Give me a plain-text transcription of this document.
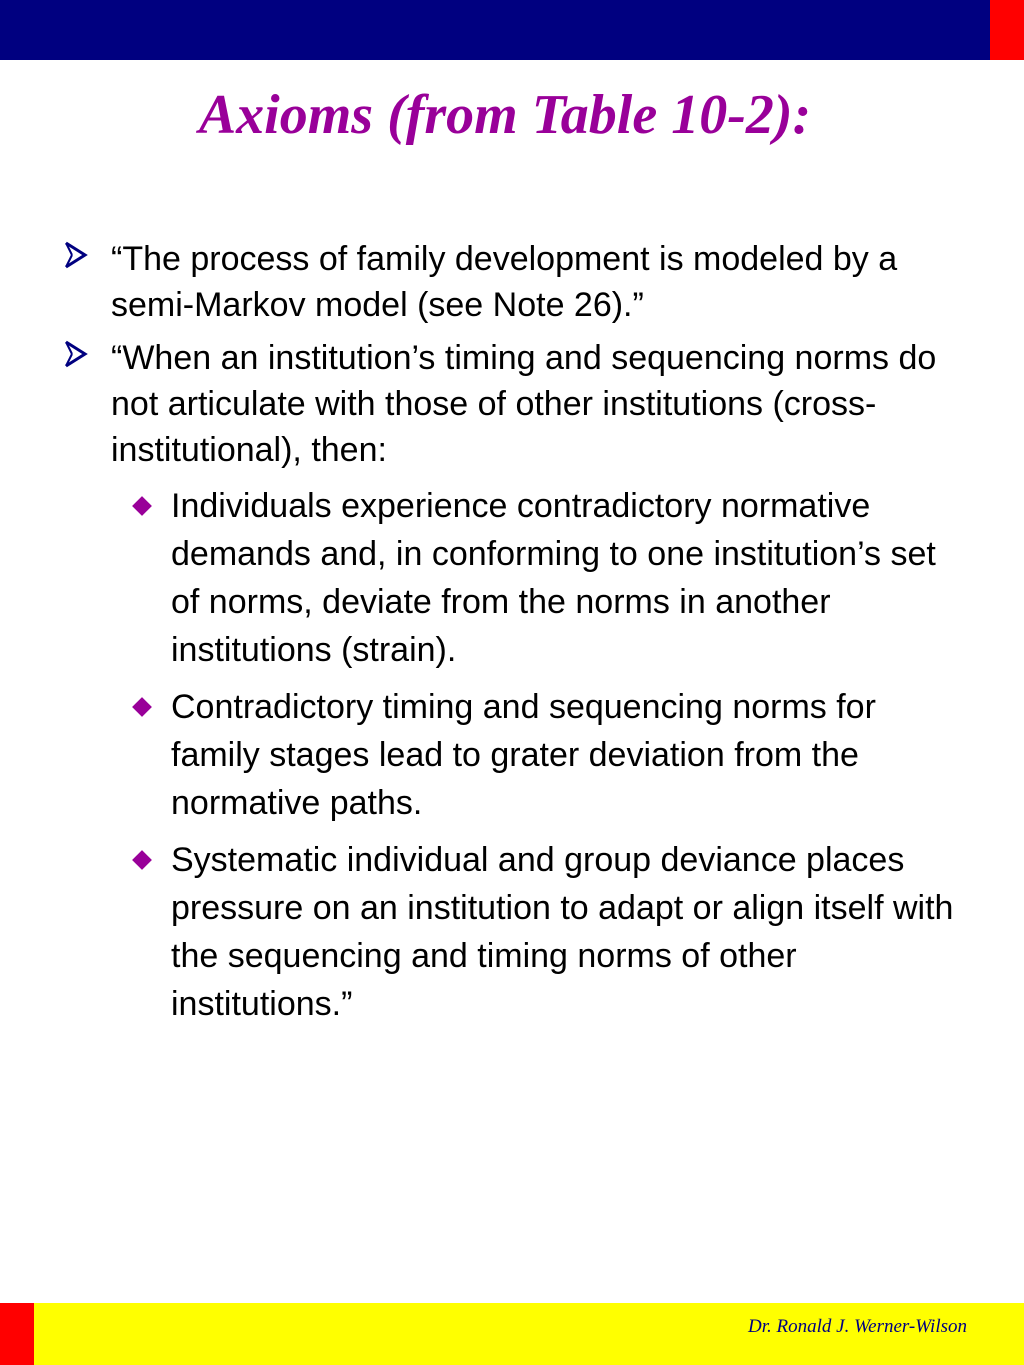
Axioms (from Table 10-2):
“The process of family development is modeled by a semi-Markov model (see Note 26).”
“When an institution’s timing and sequencing norms do not articulate with those of other institutions (cross-institutional), then:
Individuals experience contradictory normative demands and, in conforming to one institution’s set of norms, deviate from the norms in another institutions (strain).
Contradictory timing and sequencing norms for family stages lead to grater deviation from the normative paths.
Systematic individual and group deviance places pressure on an institution to adapt or align itself with the sequencing and timing norms of other institutions.”
Dr. Ronald J. Werner-Wilson
